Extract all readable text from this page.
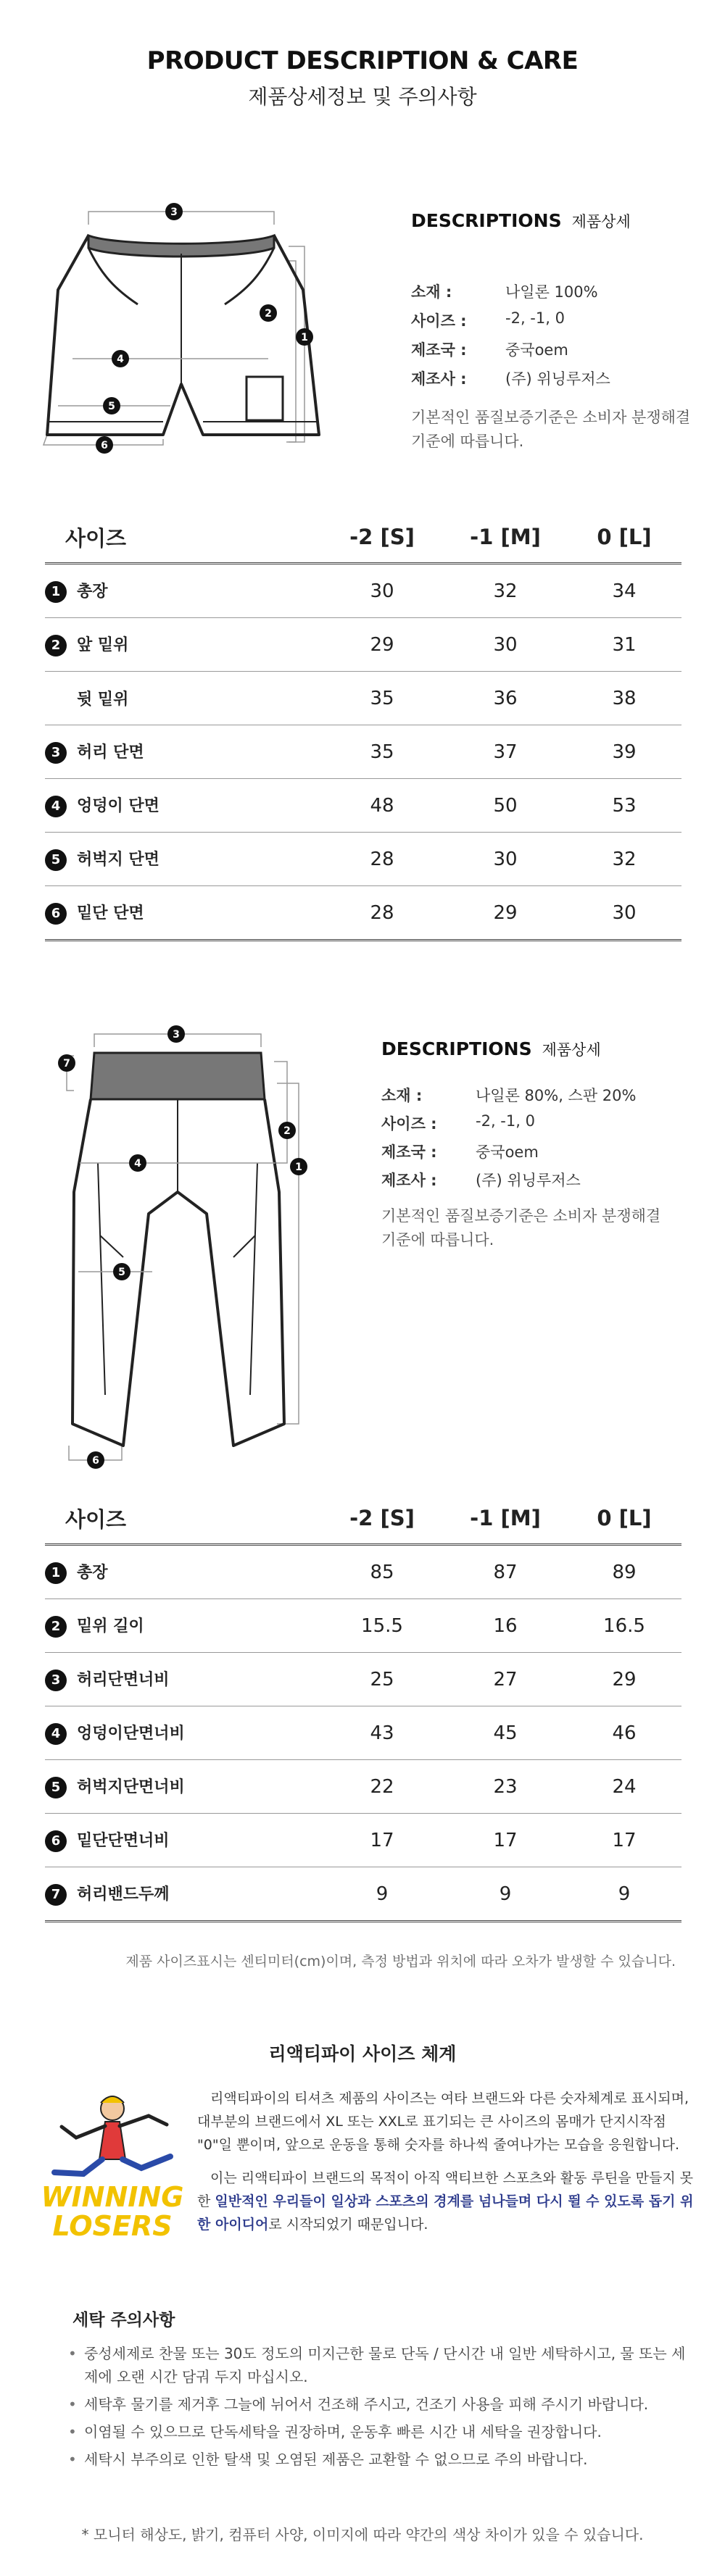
PRODUCT DESCRIPTION & CARE
제품상세정보 및 주의사항
3
1
2
4
5
6
DESCRIPTIONS 제품상세
소재 :	나일론 100%
사이즈 :	-2, -1, 0
제조국 :	중국oem
제조사 :	(주) 위닝루저스
기본적인 품질보증기준은 소비자 분쟁해결 기준에 따릅니다.
사이즈	-2 [S]	-1 [M]	0 [L]
1 총장	30	32	34
2 앞 밑위	29	30	31
뒷 밑위	35	36	38
3 허리 단면	35	37	39
4 엉덩이 단면	48	50	53
5 허벅지 단면	28	30	32
6 밑단 단면	28	29	30
3
7
2
1
4
5
6
DESCRIPTIONS 제품상세
소재 :	나일론 80%, 스판 20%
사이즈 :	-2, -1, 0
제조국 :	중국oem
제조사 :	(주) 위닝루저스
기본적인 품질보증기준은 소비자 분쟁해결 기준에 따릅니다.
사이즈	-2 [S]	-1 [M]	0 [L]
1 총장	85	87	89
2 밑위 길이	15.5	16	16.5
3 허리단면너비	25	27	29
4 엉덩이단면너비	43	45	46
5 허벅지단면너비	22	23	24
6 밑단단면너비	17	17	17
7 허리밴드두께	9	9	9
제품 사이즈표시는 센티미터(cm)이며, 측정 방법과 위치에 따라 오차가 발생할 수 있습니다.
리액티파이 사이즈 체계
WINNING
LOSERS
리액티파이의 티셔츠 제품의 사이즈는 여타 브랜드와 다른 숫자체계로 표시되며, 대부분의 브랜드에서 XL 또는 XXL로 표기되는 큰 사이즈의 몸매가 단지시작점 "0"일 뿐이며, 앞으로 운동을 통해 숫자를 하나씩 줄여나가는 모습을 응원합니다.
이는 리액티파이 브랜드의 목적이 아직 액티브한 스포츠와 활동 루틴을 만들지 못한 일반적인 우리들이 일상과 스포츠의 경계를 넘나들며 다시 뛸 수 있도록 돕기 위한 아이디어로 시작되었기 때문입니다.
세탁 주의사항
• 중성세제로 찬물 또는 30도 정도의 미지근한 물로 단독 / 단시간 내 일반 세탁하시고, 물 또는 세제에 오랜 시간 담궈 두지 마십시오.
• 세탁후 물기를 제거후 그늘에 뉘어서 건조해 주시고, 건조기 사용을 피해 주시기 바랍니다.
• 이염될 수 있으므로 단독세탁을 권장하며, 운동후 빠른 시간 내 세탁을 권장합니다.
• 세탁시 부주의로 인한 탈색 및 오염된 제품은 교환할 수 없으므로 주의 바랍니다.
* 모니터 해상도, 밝기, 컴퓨터 사양, 이미지에 따라 약간의 색상 차이가 있을 수 있습니다.
